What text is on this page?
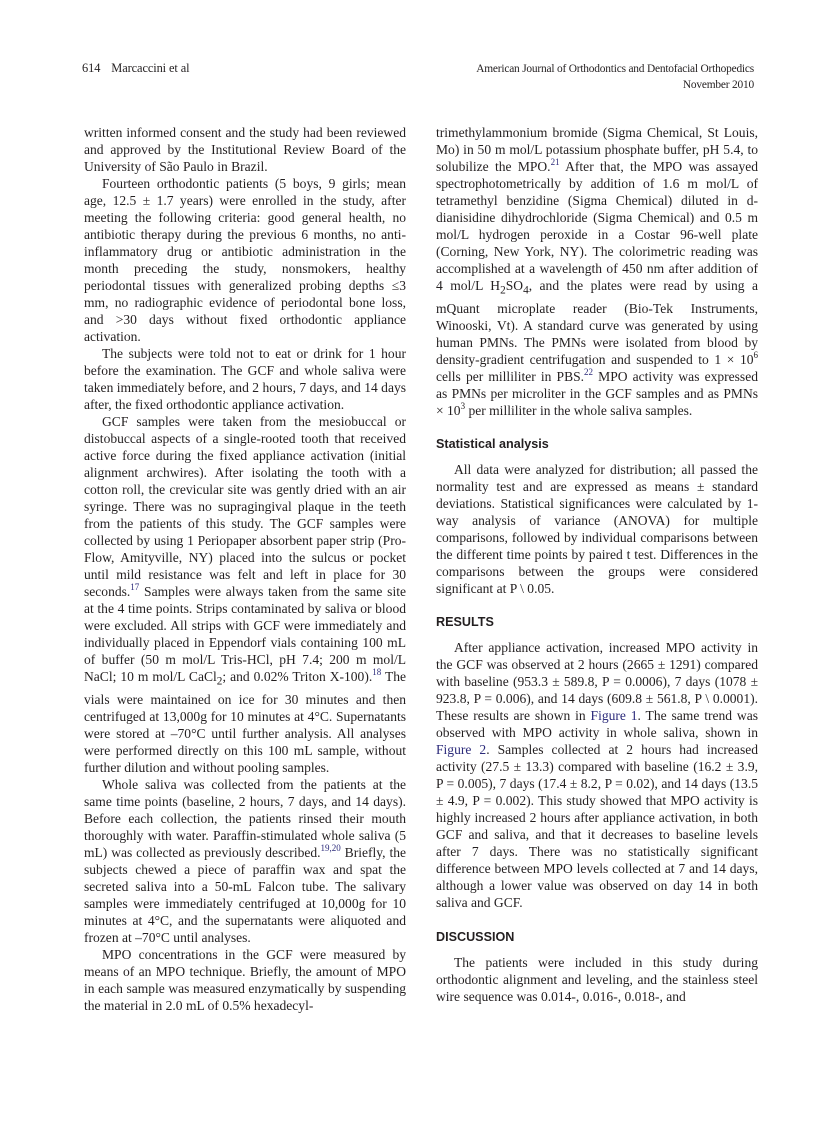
614 Marcaccini et al	American Journal of Orthodontics and Dentofacial Orthopedics
November 2010

written informed consent and the study had been reviewed and approved by the Institutional Review Board of the University of São Paulo in Brazil.

Fourteen orthodontic patients (5 boys, 9 girls; mean age, 12.5 ± 1.7 years) were enrolled in the study, after meeting the following criteria: good general health, no antibiotic therapy during the previous 6 months, no anti-inflammatory drug or antibiotic administration in the month preceding the study, nonsmokers, healthy periodontal tissues with generalized probing depths ≤3 mm, no radiographic evidence of periodontal bone loss, and >30 days without fixed orthodontic appliance activation.

The subjects were told not to eat or drink for 1 hour before the examination. The GCF and whole saliva were taken immediately before, and 2 hours, 7 days, and 14 days after, the fixed orthodontic appliance activation.

GCF samples were taken from the mesiobuccal or distobuccal aspects of a single-rooted tooth that received active force during the fixed appliance activation (initial alignment archwires). After isolating the tooth with a cotton roll, the crevicular site was gently dried with an air syringe. There was no supragingival plaque in the teeth from the patients of this study. The GCF samples were collected by using 1 Periopaper absorbent paper strip (Pro-Flow, Amityville, NY) placed into the sulcus or pocket until mild resistance was felt and left in place for 30 seconds.$^{17}$ Samples were always taken from the same site at the 4 time points. Strips contaminated by saliva or blood were excluded. All strips with GCF were immediately and individually placed in Eppendorf vials containing 100 mL of buffer (50 m mol/L Tris-HCl, pH 7.4; 200 m mol/L NaCl; 10 m mol/L CaCl$_2$; and 0.02% Triton X-100).$^{18}$ The vials were maintained on ice for 30 minutes and then centrifuged at 13,000g for 10 minutes at 4°C. Supernatants were stored at –70°C until further analysis. All analyses were performed directly on this 100 mL sample, without further dilution and without pooling samples.

Whole saliva was collected from the patients at the same time points (baseline, 2 hours, 7 days, and 14 days). Before each collection, the patients rinsed their mouth thoroughly with water. Paraffin-stimulated whole saliva (5 mL) was collected as previously described.$^{19,20}$ Briefly, the subjects chewed a piece of paraffin wax and spat the secreted saliva into a 50-mL Falcon tube. The salivary samples were immediately centrifuged at 10,000g for 10 minutes at 4°C, and the supernatants were aliquoted and frozen at –70°C until analyses.

MPO concentrations in the GCF were measured by means of an MPO technique. Briefly, the amount of MPO in each sample was measured enzymatically by suspending the material in 2.0 mL of 0.5% hexadecyl-

trimethylammonium bromide (Sigma Chemical, St Louis, Mo) in 50 m mol/L potassium phosphate buffer, pH 5.4, to solubilize the MPO.$^{21}$ After that, the MPO was assayed spectrophotometrically by addition of 1.6 m mol/L of tetramethyl benzidine (Sigma Chemical) diluted in d-dianisidine dihydrochloride (Sigma Chemical) and 0.5 m mol/L hydrogen peroxide in a Costar 96-well plate (Corning, New York, NY). The colorimetric reading was accomplished at a wavelength of 450 nm after addition of 4 mol/L $H_2SO_4$, and the plates were read by using a mQuant microplate reader (Bio-Tek Instruments, Winooski, Vt). A standard curve was generated by using human PMNs. The PMNs were isolated from blood by density-gradient centrifugation and suspended to $1 \times 10^6$ cells per milliliter in PBS.$^{22}$ MPO activity was expressed as PMNs per microliter in the GCF samples and as PMNs × $10^3$ per milliliter in the whole saliva samples.

Statistical analysis

All data were analyzed for distribution; all passed the normality test and are expressed as means ± standard deviations. Statistical significances were calculated by 1-way analysis of variance (ANOVA) for multiple comparisons, followed by individual comparisons between the different time points by paired t test. Differences in the comparisons between the groups were considered significant at P \ 0.05.

RESULTS

After appliance activation, increased MPO activity in the GCF was observed at 2 hours (2665 ± 1291) compared with baseline (953.3 ± 589.8, P = 0.0006), 7 days (1078 ± 923.8, P = 0.006), and 14 days (609.8 ± 561.8, P \ 0.0001). These results are shown in Figure 1. The same trend was observed with MPO activity in whole saliva, shown in Figure 2. Samples collected at 2 hours had increased activity (27.5 ± 13.3) compared with baseline (16.2 ± 3.9, P = 0.005), 7 days (17.4 ± 8.2, P = 0.02), and 14 days (13.5 ± 4.9, P = 0.002). This study showed that MPO activity is highly increased 2 hours after appliance activation, in both GCF and saliva, and that it decreases to baseline levels after 7 days. There was no statistically significant difference between MPO levels collected at 7 and 14 days, although a lower value was observed on day 14 in both saliva and GCF.

DISCUSSION

The patients were included in this study during orthodontic alignment and leveling, and the stainless steel wire sequence was 0.014-, 0.016-, 0.018-, and
